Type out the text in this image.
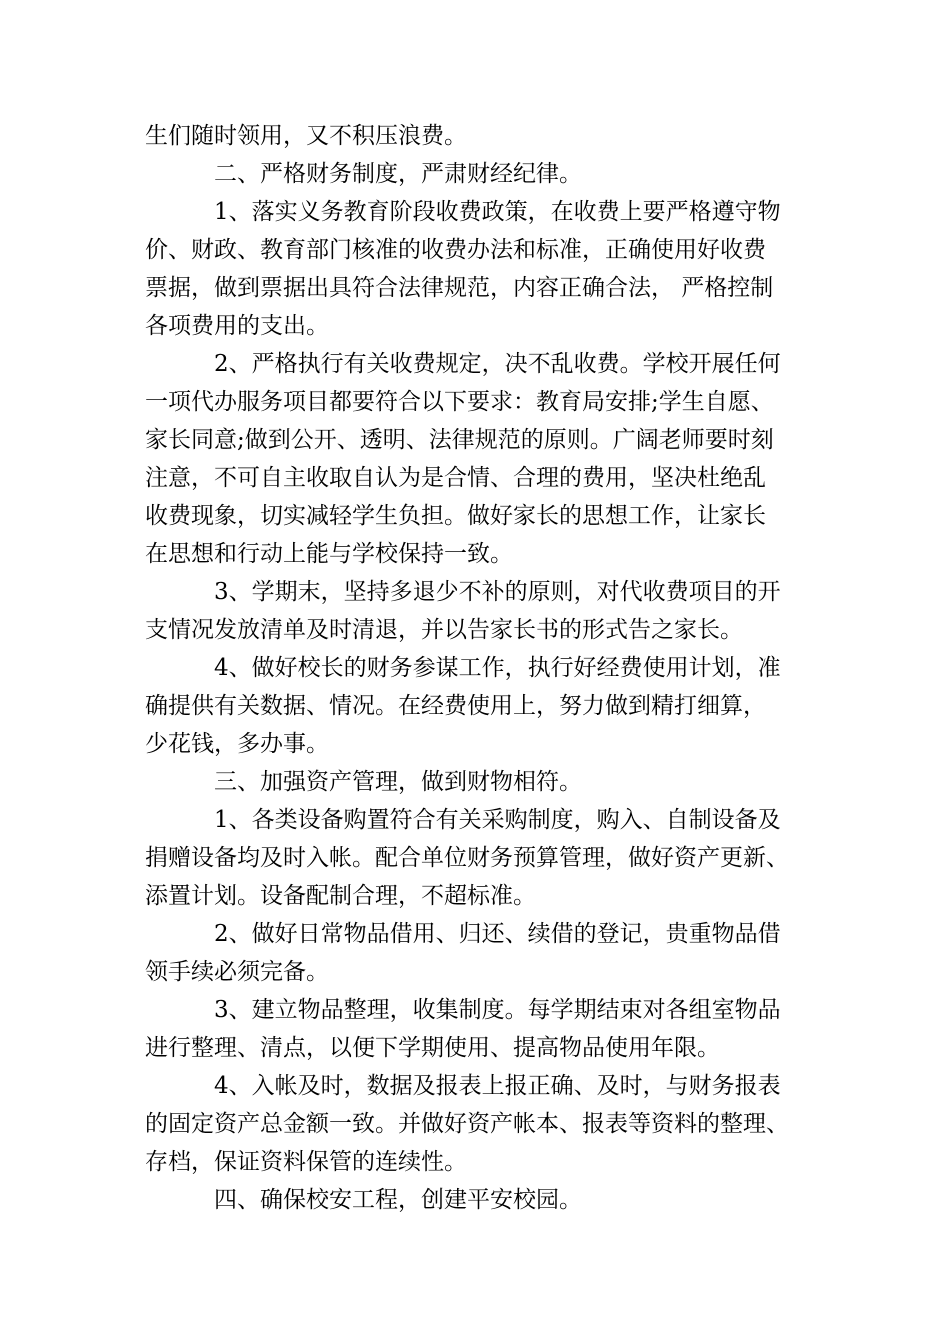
生们随时领用，又不积压浪费。
二、严格财务制度，严肃财经纪律。
1、落实义务教育阶段收费政策，在收费上要严格遵守物
价、财政、教育部门核准的收费办法和标准，正确使用好收费
票据，做到票据出具符合法律规范，内容正确合法， 严格控制
各项费用的支出。
2、严格执行有关收费规定，决不乱收费。学校开展任何
一项代办服务项目都要符合以下要求：教育局安排;学生自愿、
家长同意;做到公开、透明、法律规范的原则。广阔老师要时刻
注意，不可自主收取自认为是合情、合理的费用，坚决杜绝乱
收费现象，切实减轻学生负担。做好家长的思想工作，让家长
在思想和行动上能与学校保持一致。
3、学期末，坚持多退少不补的原则，对代收费项目的开
支情况发放清单及时清退，并以告家长书的形式告之家长。
4、做好校长的财务参谋工作，执行好经费使用计划，准
确提供有关数据、情况。在经费使用上，努力做到精打细算，
少花钱，多办事。
三、加强资产管理，做到财物相符。
1、各类设备购置符合有关采购制度，购入、自制设备及
捐赠设备均及时入帐。配合单位财务预算管理，做好资产更新、
添置计划。设备配制合理，不超标准。
2、做好日常物品借用、归还、续借的登记，贵重物品借
领手续必须完备。
3、建立物品整理，收集制度。每学期结束对各组室物品
进行整理、清点，以便下学期使用、提高物品使用年限。
4、入帐及时，数据及报表上报正确、及时，与财务报表
的固定资产总金额一致。并做好资产帐本、报表等资料的整理、
存档，保证资料保管的连续性。
四、确保校安工程，创建平安校园。
